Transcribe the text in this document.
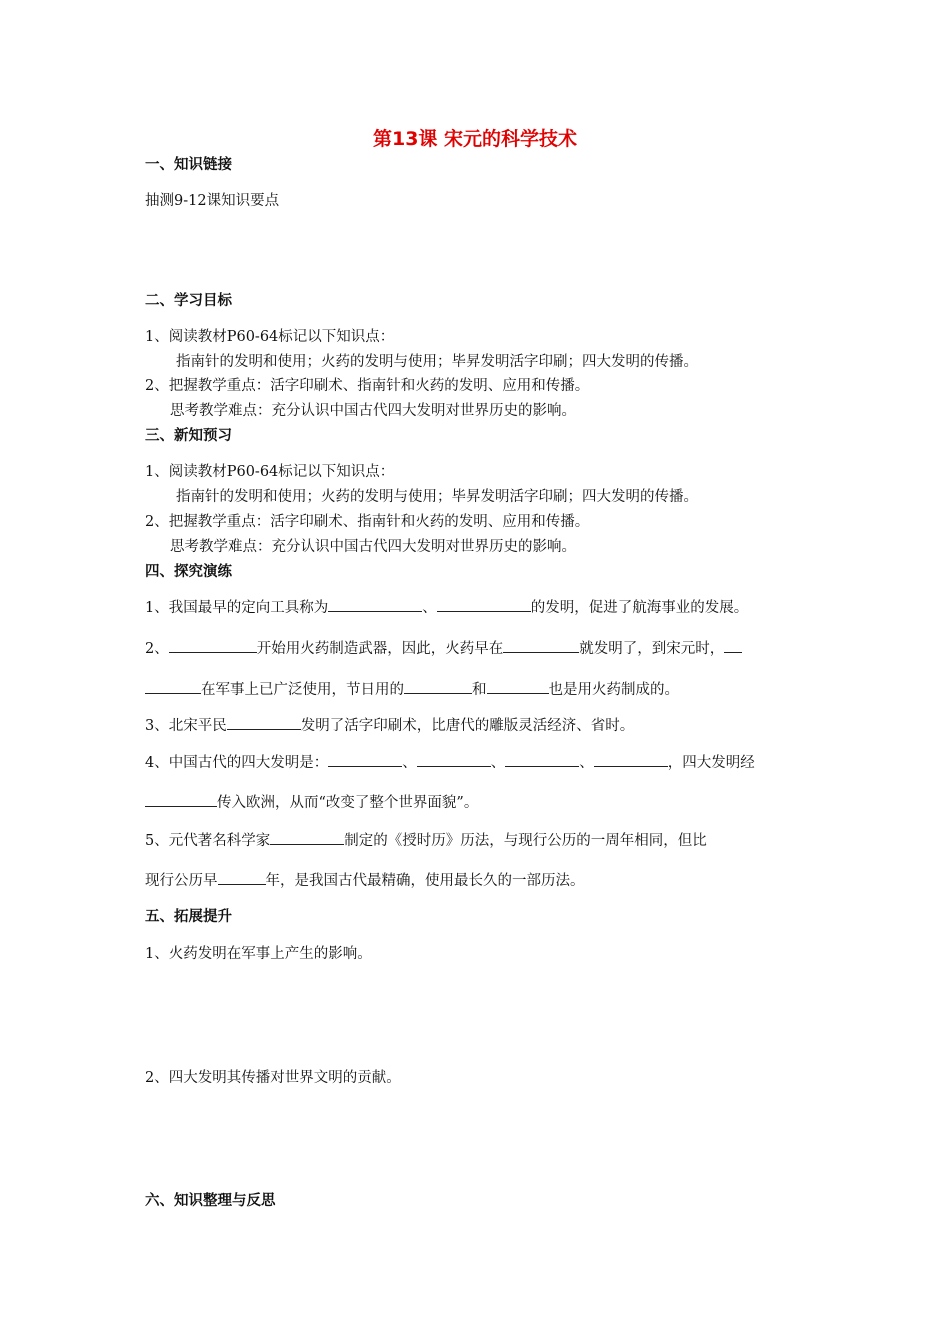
第13课 宋元的科学技术
一、知识链接
抽测9-12课知识要点
二、学习目标
1、阅读教材P60-64标记以下知识点：
指南针的发明和使用；火药的发明与使用；毕昇发明活字印刷；四大发明的传播。
2、把握教学重点：活字印刷术、指南针和火药的发明、应用和传播。
思考教学难点：充分认识中国古代四大发明对世界历史的影响。
三、新知预习
1、阅读教材P60-64标记以下知识点：
指南针的发明和使用；火药的发明与使用；毕昇发明活字印刷；四大发明的传播。
2、把握教学重点：活字印刷术、指南针和火药的发明、应用和传播。
思考教学难点：充分认识中国古代四大发明对世界历史的影响。
四、探究演练
1、我国最早的定向工具称为	、	的发明，促进了航海事业的发展。
2、	开始用火药制造武器，因此，火药早在	就发明了，到宋元时，
在军事上已广泛使用，节日用的	和	也是用火药制成的。
3、北宋平民	发明了活字印刷术，比唐代的雕版灵活经济、省时。
4、中国古代的四大发明是：	、	、	、	，四大发明经
传入欧洲，从而“改变了整个世界面貌”。
5、元代著名科学家	制定的《授时历》历法，与现行公历的一周年相同，但比
现行公历早	年，是我国古代最精确，使用最长久的一部历法。
五、拓展提升
1、火药发明在军事上产生的影响。
2、四大发明其传播对世界文明的贡献。
六、知识整理与反思
